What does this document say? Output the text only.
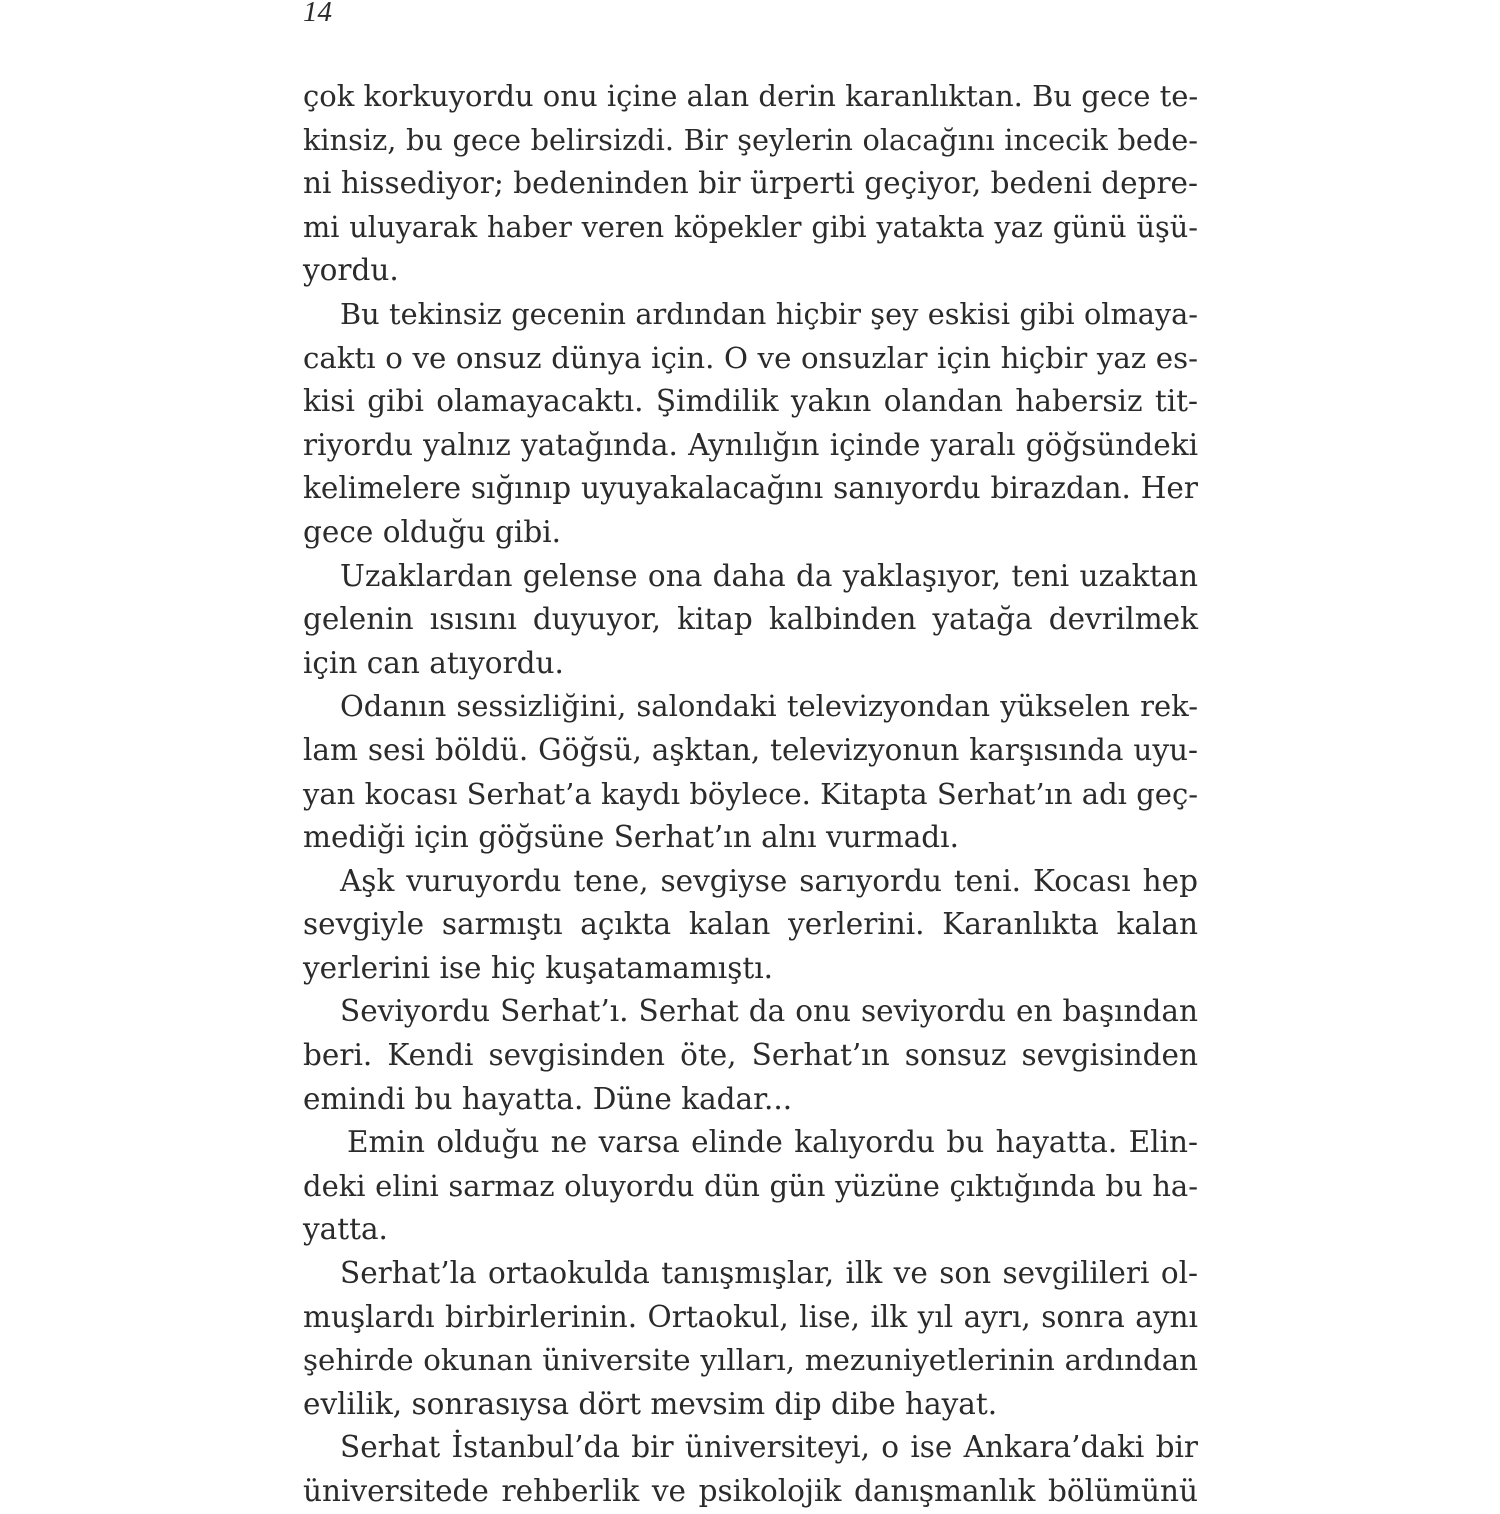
14
çok korkuyordu onu içine alan derin karanlıktan. Bu gece te-
kinsiz, bu gece belirsizdi. Bir şeylerin olacağını incecik bede-
ni hissediyor; bedeninden bir ürperti geçiyor, bedeni depre-
mi uluyarak haber veren köpekler gibi yatakta yaz günü üşü-
yordu.
Bu tekinsiz gecenin ardından hiçbir şey eskisi gibi olmaya-
caktı o ve onsuz dünya için. O ve onsuzlar için hiçbir yaz es-
kisi gibi olamayacaktı. Şimdilik yakın olandan habersiz tit-
riyordu yalnız yatağında. Aynılığın içinde yaralı göğsündeki
kelimelere sığınıp uyuyakalacağını sanıyordu birazdan. Her
gece olduğu gibi.
Uzaklardan gelense ona daha da yaklaşıyor, teni uzaktan
gelenin ısısını duyuyor, kitap kalbinden yatağa devrilmek
için can atıyordu.
Odanın sessizliğini, salondaki televizyondan yükselen rek-
lam sesi böldü. Göğsü, aşktan, televizyonun karşısında uyu-
yan kocası Serhat’a kaydı böylece. Kitapta Serhat’ın adı geç-
mediği için göğsüne Serhat’ın alnı vurmadı.
Aşk vuruyordu tene, sevgiyse sarıyordu teni. Kocası hep
sevgiyle sarmıştı açıkta kalan yerlerini. Karanlıkta kalan
yerlerini ise hiç kuşatamamıştı.
Seviyordu Serhat’ı. Serhat da onu seviyordu en başından
beri. Kendi sevgisinden öte, Serhat’ın sonsuz sevgisinden
emindi bu hayatta. Düne kadar...
Emin olduğu ne varsa elinde kalıyordu bu hayatta. Elin-
deki elini sarmaz oluyordu dün gün yüzüne çıktığında bu ha-
yatta.
Serhat’la ortaokulda tanışmışlar, ilk ve son sevgilileri ol-
muşlardı birbirlerinin. Ortaokul, lise, ilk yıl ayrı, sonra aynı
şehirde okunan üniversite yılları, mezuniyetlerinin ardından
evlilik, sonrasıysa dört mevsim dip dibe hayat.
Serhat İstanbul’da bir üniversiteyi, o ise Ankara’daki bir
üniversitede rehberlik ve psikolojik danışmanlık bölümünü
